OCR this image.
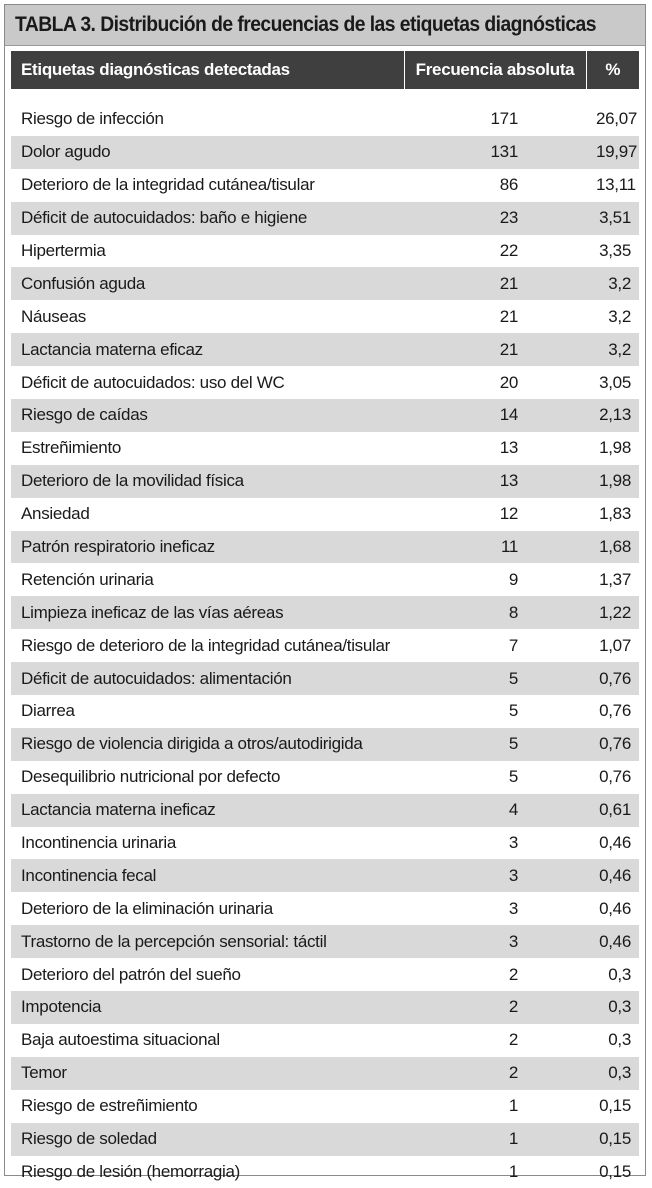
TABLA 3. Distribución de frecuencias de las etiquetas diagnósticas
Etiquetas diagnósticas detectadas	Frecuencia absoluta	%

Riesgo de infección	171	26,07
Dolor agudo	131	19,97
Deterioro de la integridad cutánea/tisular	86	13,11
Déficit de autocuidados: baño e higiene	23	3,51
Hipertermia	22	3,35
Confusión aguda	21	3,2
Náuseas	21	3,2
Lactancia materna eficaz	21	3,2
Déficit de autocuidados: uso del WC	20	3,05
Riesgo de caídas	14	2,13
Estreñimiento	13	1,98
Deterioro de la movilidad física	13	1,98
Ansiedad	12	1,83
Patrón respiratorio ineficaz	11	1,68
Retención urinaria	9	1,37
Limpieza ineficaz de las vías aéreas	8	1,22
Riesgo de deterioro de la integridad cutánea/tisular	7	1,07
Déficit de autocuidados: alimentación	5	0,76
Diarrea	5	0,76
Riesgo de violencia dirigida a otros/autodirigida	5	0,76
Desequilibrio nutricional por defecto	5	0,76
Lactancia materna ineficaz	4	0,61
Incontinencia urinaria	3	0,46
Incontinencia fecal	3	0,46
Deterioro de la eliminación urinaria	3	0,46
Trastorno de la percepción sensorial: táctil	3	0,46
Deterioro del patrón del sueño	2	0,3
Impotencia	2	0,3
Baja autoestima situacional	2	0,3
Temor	2	0,3
Riesgo de estreñimiento	1	0,15
Riesgo de soledad	1	0,15
Riesgo de lesión (hemorragia)	1	0,15
